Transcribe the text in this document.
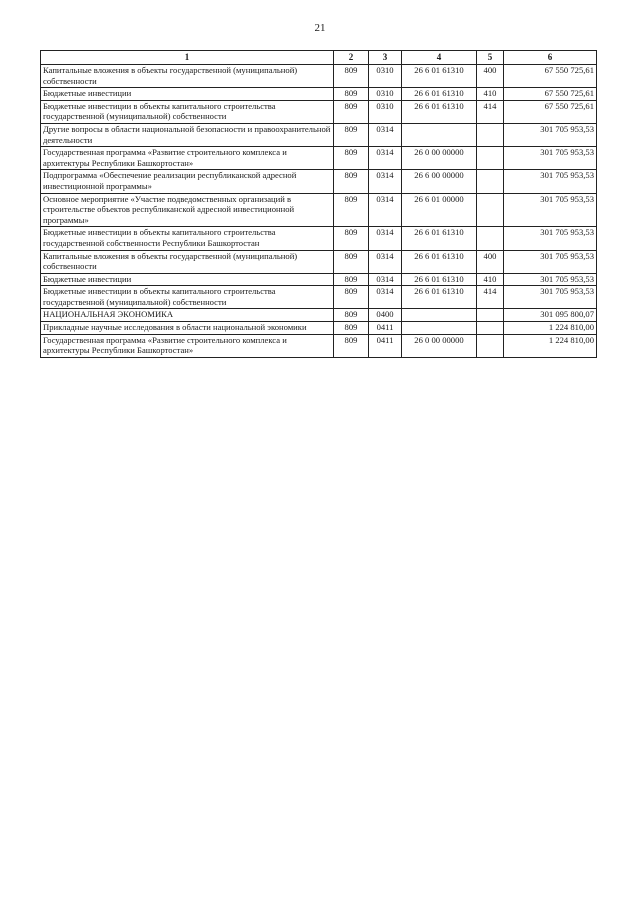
21
1	2	3	4	5	6
Капитальные вложения в объекты государственной (муниципальной) собственности	809	0310	26 6 01 61310	400	67 550 725,61
Бюджетные инвестиции	809	0310	26 6 01 61310	410	67 550 725,61
Бюджетные инвестиции в объекты капитального строительства государственной (муниципальной) собственности	809	0310	26 6 01 61310	414	67 550 725,61
Другие вопросы в области национальной безопасности и правоохранительной деятельности	809	0314			301 705 953,53
Государственная программа «Развитие строительного комплекса и архитектуры Республики Башкортостан»	809	0314	26 0 00 00000		301 705 953,53
Подпрограмма «Обеспечение реализации республиканской адресной инвестиционной программы»	809	0314	26 6 00 00000		301 705 953,53
Основное мероприятие «Участие подведомственных организаций в строительстве объектов республиканской адресной инвестиционной программы»	809	0314	26 6 01 00000		301 705 953,53
Бюджетные инвестиции в объекты капитального строительства государственной собственности Республики Башкортостан	809	0314	26 6 01 61310		301 705 953,53
Капитальные вложения в объекты государственной (муниципальной) собственности	809	0314	26 6 01 61310	400	301 705 953,53
Бюджетные инвестиции	809	0314	26 6 01 61310	410	301 705 953,53
Бюджетные инвестиции в объекты капитального строительства государственной (муниципальной) собственности	809	0314	26 6 01 61310	414	301 705 953,53
НАЦИОНАЛЬНАЯ ЭКОНОМИКА	809	0400			301 095 800,07
Прикладные научные исследования в области национальной экономики	809	0411			1 224 810,00
Государственная программа «Развитие строительного комплекса и архитектуры Республики Башкортостан»	809	0411	26 0 00 00000		1 224 810,00
